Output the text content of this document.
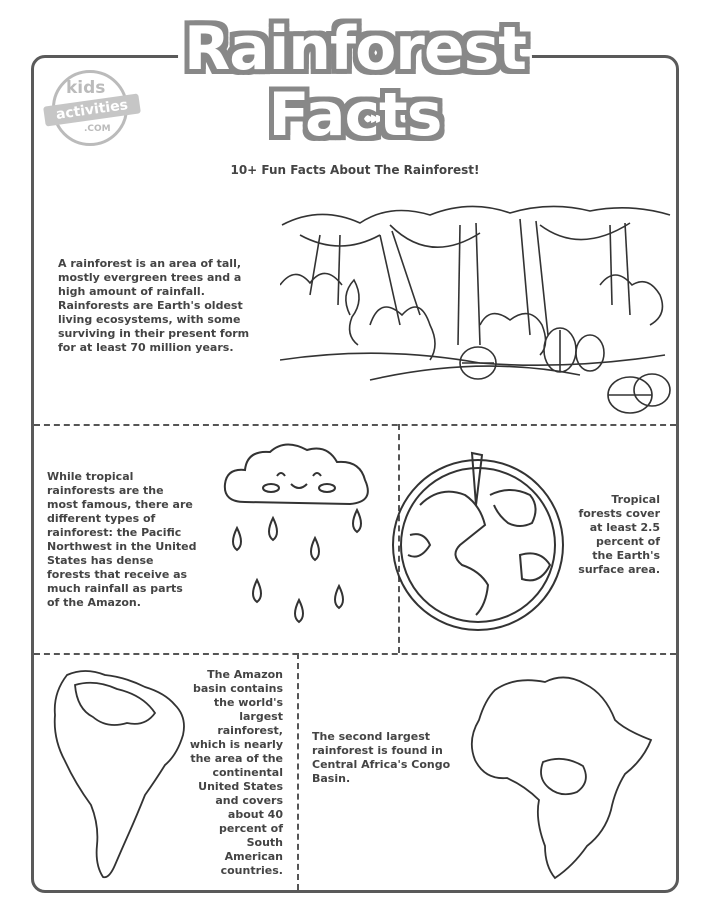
Rainforest
Facts
kids
activities
.COM
10+ Fun Facts About The Rainforest!
A rainforest is an area of tall,
mostly evergreen trees and a
high amount of rainfall.
Rainforests are Earth's oldest
living ecosystems, with some
surviving in their present form
for at least 70 million years.
While tropical
rainforests are the
most famous, there are
different types of
rainforest: the Pacific
Northwest in the United
States has dense
forests that receive as
much rainfall as parts
of the Amazon.
Tropical
forests cover
at least 2.5
percent of
the Earth's
surface area.
The Amazon
basin contains
the world's
largest
rainforest,
which is nearly
the area of the
continental
United States
and covers
about 40
percent of
South
American
countries.
The second largest
rainforest is found in
Central Africa's Congo
Basin.
